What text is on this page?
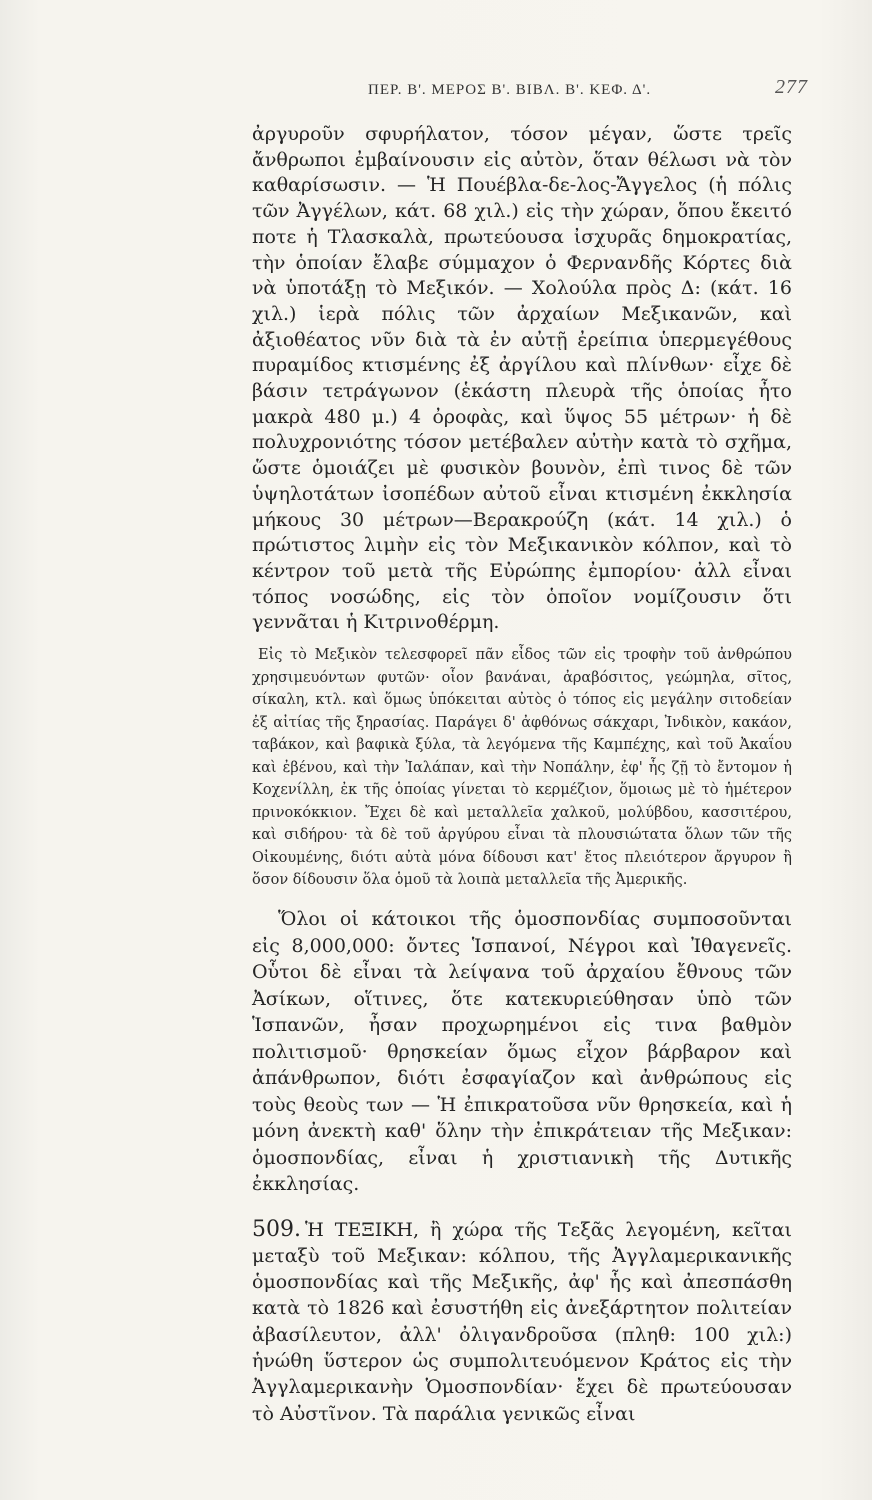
ΠΕΡ. Β'. ΜΕΡΟΣ Β'. ΒΙΒΛ. Β'. ΚΕΦ. Δ'.	277

ἀργυροῦν σφυρήλατον, τόσον μέγαν, ὥστε τρεῖς ἄνθρωποι ἐμβαίνουσιν εἰς αὐτὸν, ὅταν θέλωσι νὰ τὸν καθαρίσωσιν. — Ἡ Πουέβλα-δε-λος-Ἄγγελος (ἡ πόλις τῶν Ἀγγέλων, κάτ. 68 χιλ.) εἰς τὴν χώραν, ὅπου ἔκειτό ποτε ἡ Τλασκαλὰ, πρωτεύουσα ἰσχυρᾶς δημοκρατίας, τὴν ὁποίαν ἔλαβε σύμμαχον ὁ Φερνανδῆς Κόρτες διὰ νὰ ὑποτάξῃ τὸ Μεξικόν. — Χολούλα πρὸς Δ: (κάτ. 16 χιλ.) ἱερὰ πόλις τῶν ἀρχαίων Μεξικανῶν, καὶ ἀξιοθέατος νῦν διὰ τὰ ἐν αὐτῇ ἐρείπια ὑπερμεγέθους πυραμίδος κτισμένης ἐξ ἀργίλου καὶ πλίνθων· εἶχε δὲ βάσιν τετράγωνον (ἑκάστη πλευρὰ τῆς ὁποίας ἦτο μακρὰ 480 μ.) 4 ὀροφὰς, καὶ ὕψος 55 μέτρων· ἡ δὲ πολυχρονιότης τόσον μετέβαλεν αὐτὴν κατὰ τὸ σχῆμα, ὥστε ὁμοιάζει μὲ φυσικὸν βουνὸν, ἐπὶ τινος δὲ τῶν ὑψηλοτάτων ἰσοπέδων αὐτοῦ εἶναι κτισμένη ἐκκλησία μήκους 30 μέτρων—Βερακρούζη (κάτ. 14 χιλ.) ὁ πρώτιστος λιμὴν εἰς τὸν Μεξικανικὸν κόλπον, καὶ τὸ κέντρον τοῦ μετὰ τῆς Εὐρώπης ἐμπορίου· ἀλλ εἶναι τόπος νοσώδης, εἰς τὸν ὁποῖον νομίζουσιν ὅτι γεννᾶται ἡ Κιτρινοθέρμη.

Εἰς τὸ Μεξικὸν τελεσφορεῖ πᾶν εἶδος τῶν εἰς τροφὴν τοῦ ἀνθρώπου χρησιμευόντων φυτῶν· οἷον βανάναι, ἀραβόσιτος, γεώμηλα, σῖτος, σίκαλη, κτλ. καὶ ὅμως ὑπόκειται αὐτὸς ὁ τόπος εἰς μεγάλην σιτοδείαν ἐξ αἰτίας τῆς ξηρασίας. Παράγει δ' ἀφθόνως σάκχαρι, Ἰνδικὸν, κακάον, ταβάκον, καὶ βαφικὰ ξύλα, τὰ λεγόμενα τῆς Καμπέχης, καὶ τοῦ Ἀκαΐου καὶ ἐβένου, καὶ τὴν Ἰαλάπαν, καὶ τὴν Νοπάλην, ἐφ' ἧς ζῇ τὸ ἔντομον ἡ Κοχενίλλη, ἐκ τῆς ὁποίας γίνεται τὸ κερμέζιον, ὅμοιως μὲ τὸ ἡμέτερον πρινοκόκκιον. Ἔχει δὲ καὶ μεταλλεῖα χαλκοῦ, μολύβδου, κασσιτέρου, καὶ σιδήρου· τὰ δὲ τοῦ ἀργύρου εἶναι τὰ πλουσιώτατα ὅλων τῶν τῆς Οἰκουμένης, διότι αὐτὰ μόνα δίδουσι κατ' ἔτος πλειότερον ἄργυρον ἢ ὅσον δίδουσιν ὅλα ὁμοῦ τὰ λοιπὰ μεταλλεῖα τῆς Ἀμερικῆς.

Ὅλοι οἱ κάτοικοι τῆς ὁμοσπονδίας συμποσοῦνται εἰς 8,000,000: ὄντες Ἱσπανοί, Νέγροι καὶ Ἰθαγενεῖς. Οὗτοι δὲ εἶναι τὰ λείψανα τοῦ ἀρχαίου ἔθνους τῶν Ἀσίκων, οἵτινες, ὅτε κατεκυριεύθησαν ὑπὸ τῶν Ἱσπανῶν, ἦσαν προχωρημένοι εἰς τινα βαθμὸν πολιτισμοῦ· θρησκείαν ὅμως εἶχον βάρβαρον καὶ ἀπάνθρωπον, διότι ἐσφαγίαζον καὶ ἀνθρώπους εἰς τοὺς θεοὺς των — Ἡ ἐπικρατοῦσα νῦν θρησκεία, καὶ ἡ μόνη ἀνεκτὴ καθ' ὅλην τὴν ἐπικράτειαν τῆς Μεξικαν: ὁμοσπονδίας, εἶναι ἡ χριστιανικὴ τῆς Δυτικῆς ἐκκλησίας.

509. Ἡ ΤΕΞΙΚΗ, ἢ χώρα τῆς Τεξᾶς λεγομένη, κεῖται μεταξὺ τοῦ Μεξικαν: κόλπου, τῆς Ἀγγλαμερικανικῆς ὁμοσπονδίας καὶ τῆς Μεξικῆς, ἀφ' ἧς καὶ ἀπεσπάσθη κατὰ τὸ 1826 καὶ ἐσυστήθη εἰς ἀνεξάρτητον πολιτείαν ἀβασίλευτον, ἀλλ' ὀλιγανδροῦσα (πληθ: 100 χιλ:) ἡνώθη ὕστερον ὡς συμπολιτευόμενον Κράτος εἰς τὴν Ἀγγλαμερικανὴν Ὁμοσπονδίαν· ἔχει δὲ πρωτεύουσαν τὸ Αὐστῖνον. Τὰ παράλια γενικῶς εἶναι
